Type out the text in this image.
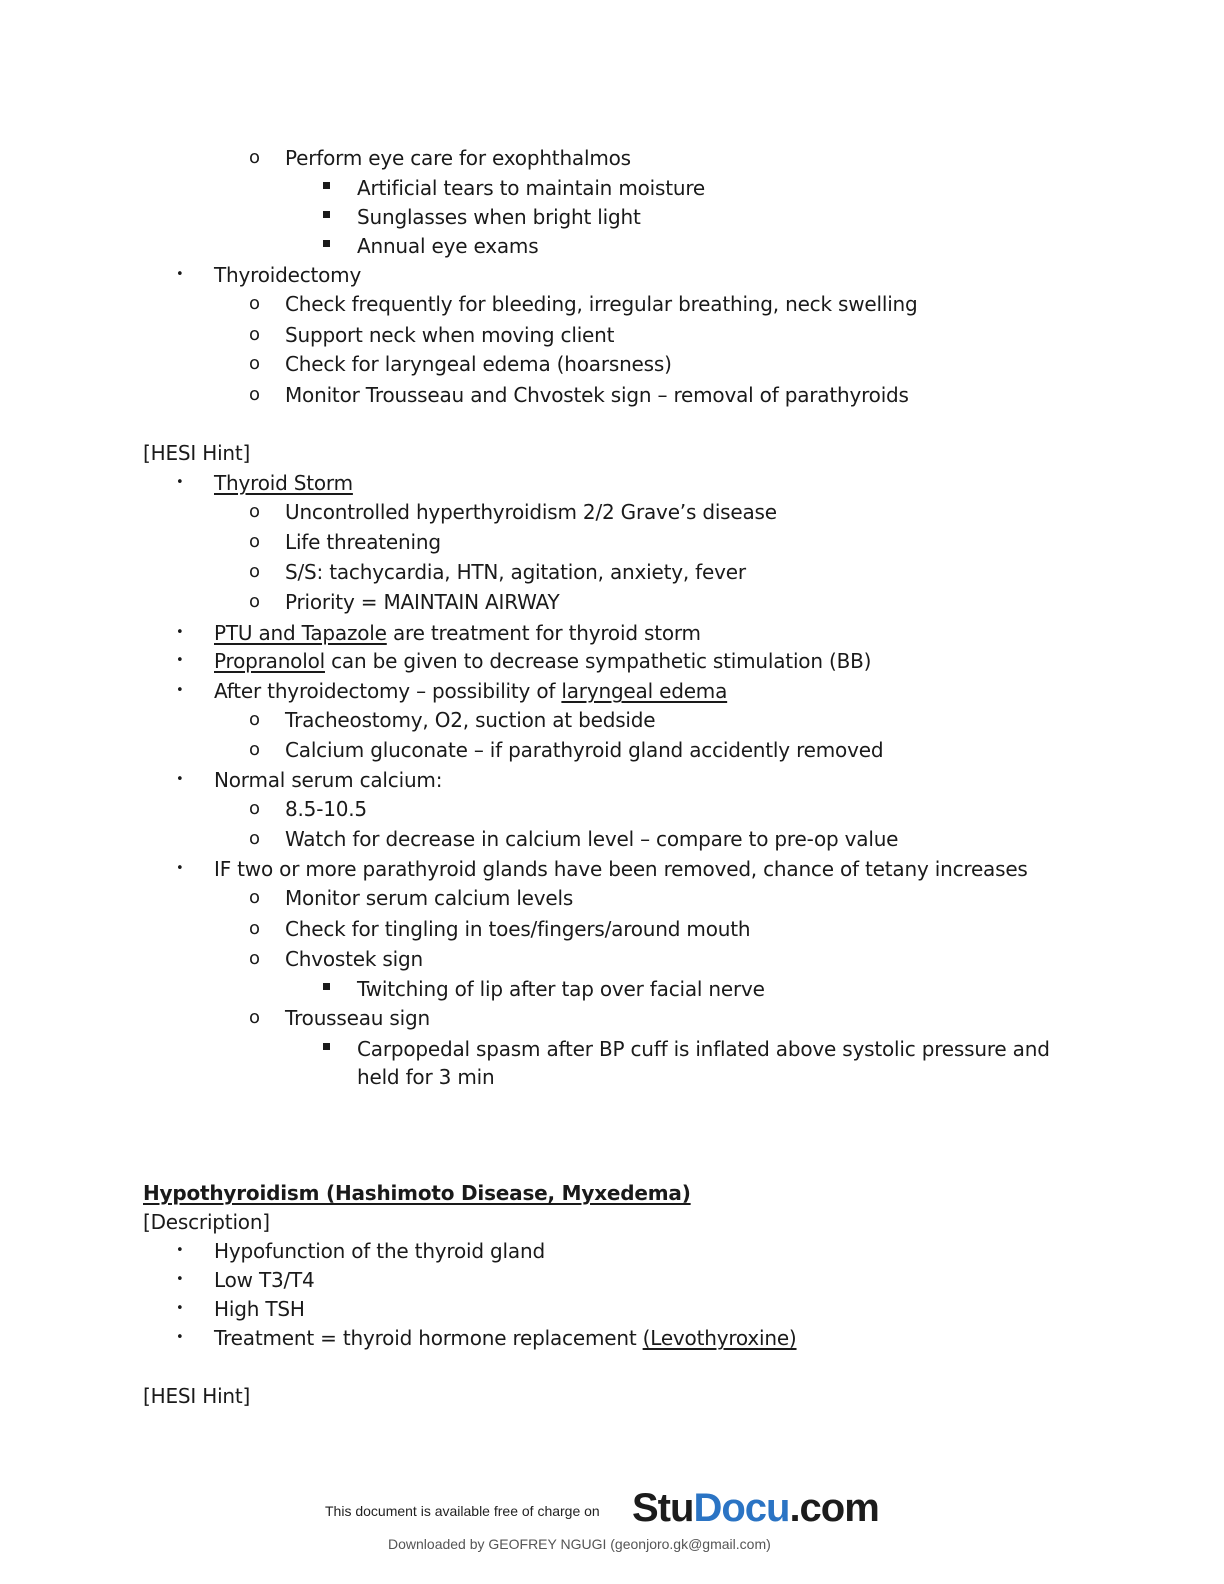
o Perform eye care for exophthalmos
Artificial tears to maintain moisture
Sunglasses when bright light
Annual eye exams
• Thyroidectomy
o Check frequently for bleeding, irregular breathing, neck swelling
o Support neck when moving client
o Check for laryngeal edema (hoarsness)
o Monitor Trousseau and Chvostek sign – removal of parathyroids
[HESI Hint]
• Thyroid Storm
o Uncontrolled hyperthyroidism 2/2 Grave’s disease
o Life threatening
o S/S: tachycardia, HTN, agitation, anxiety, fever
o Priority = MAINTAIN AIRWAY
• PTU and Tapazole are treatment for thyroid storm
• Propranolol can be given to decrease sympathetic stimulation (BB)
• After thyroidectomy – possibility of laryngeal edema
o Tracheostomy, O2, suction at bedside
o Calcium gluconate – if parathyroid gland accidently removed
• Normal serum calcium:
o 8.5-10.5
o Watch for decrease in calcium level – compare to pre-op value
• IF two or more parathyroid glands have been removed, chance of tetany increases
o Monitor serum calcium levels
o Check for tingling in toes/fingers/around mouth
o Chvostek sign
Twitching of lip after tap over facial nerve
o Trousseau sign
Carpopedal spasm after BP cuff is inflated above systolic pressure and
held for 3 min
Hypothyroidism (Hashimoto Disease, Myxedema)
[Description]
• Hypofunction of the thyroid gland
• Low T3/T4
• High TSH
• Treatment = thyroid hormone replacement (Levothyroxine)
[HESI Hint]
This document is available free of charge on StuDocu.com
Downloaded by GEOFREY NGUGI (geonjoro.gk@gmail.com)
